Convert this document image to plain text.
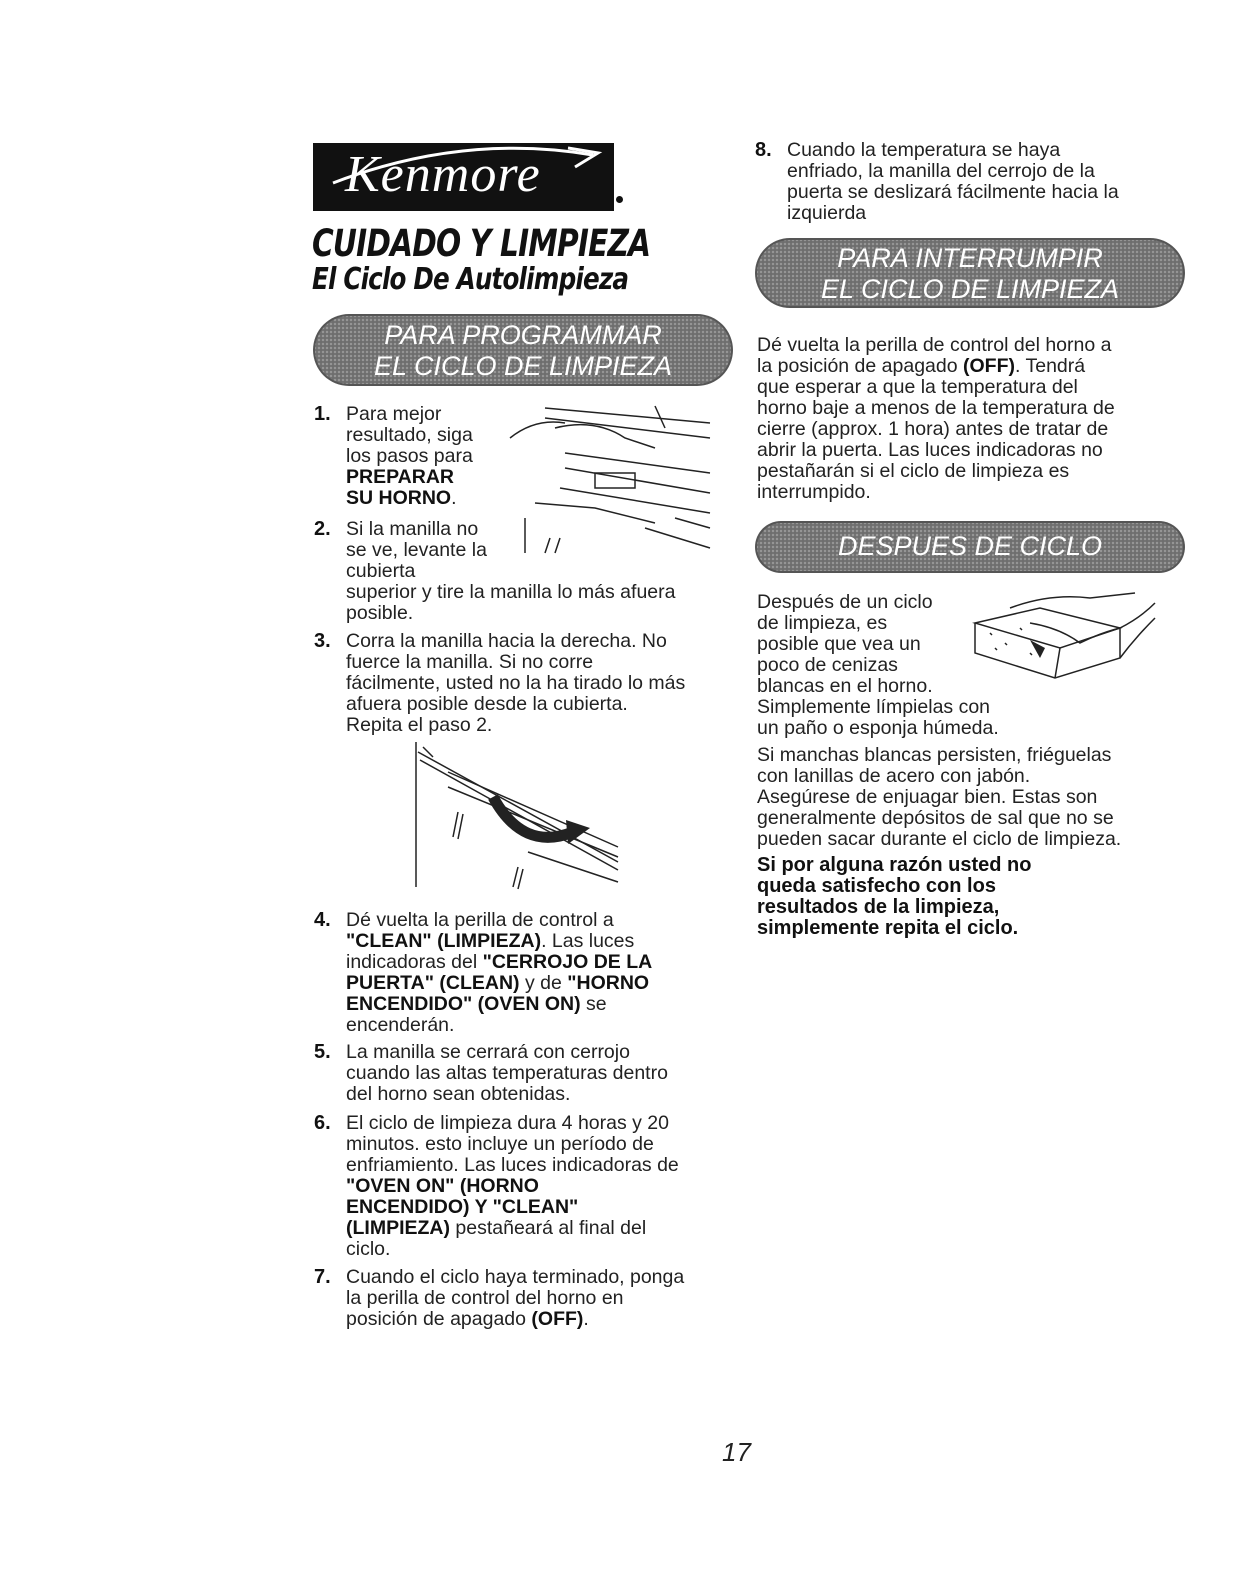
Kenmore
CUIDADO Y LIMPIEZA
El Ciclo De Autolimpieza
PARA PROGRAMMAR
EL CICLO DE LIMPIEZA
1. Para mejor
resultado, siga
los pasos para
PREPARAR
SU HORNO.
2. Si la manilla no
se ve, levante la
cubierta
superior y tire la manilla lo más afuera
posible.
3. Corra la manilla hacia la derecha. No
fuerce la manilla. Si no corre
fácilmente, usted no la ha tirado lo más
afuera posible desde la cubierta.
Repita el paso 2.
4. Dé vuelta la perilla de control a
"CLEAN" (LIMPIEZA). Las luces
indicadoras del "CERROJO DE LA
PUERTA" (CLEAN) y de "HORNO
ENCENDIDO" (OVEN ON) se
encenderán.
5. La manilla se cerrará con cerrojo
cuando las altas temperaturas dentro
del horno sean obtenidas.
6. El ciclo de limpieza dura 4 horas y 20
minutos. esto incluye un período de
enfriamiento. Las luces indicadoras de
"OVEN ON" (HORNO
ENCENDIDO) Y "CLEAN"
(LIMPIEZA) pestañeará al final del
ciclo.
7. Cuando el ciclo haya terminado, ponga
la perilla de control del horno en
posición de apagado (OFF).
8. Cuando la temperatura se haya
enfriado, la manilla del cerrojo de la
puerta se deslizará fácilmente hacia la
izquierda
PARA INTERRUMPIR
EL CICLO DE LIMPIEZA
Dé vuelta la perilla de control del horno a
la posición de apagado (OFF). Tendrá
que esperar a que la temperatura del
horno baje a menos de la temperatura de
cierre (approx. 1 hora) antes de tratar de
abrir la puerta. Las luces indicadoras no
pestañarán si el ciclo de limpieza es
interrumpido.
DESPUES DE CICLO
Después de un ciclo
de limpieza, es
posible que vea un
poco de cenizas
blancas en el horno.
Simplemente límpielas con
un paño o esponja húmeda.
Si manchas blancas persisten, friéguelas
con lanillas de acero con jabón.
Asegúrese de enjuagar bien. Estas son
generalmente depósitos de sal que no se
pueden sacar durante el ciclo de limpieza.
Si por alguna razón usted no
queda satisfecho con los
resultados de la limpieza,
simplemente repita el ciclo.
17
